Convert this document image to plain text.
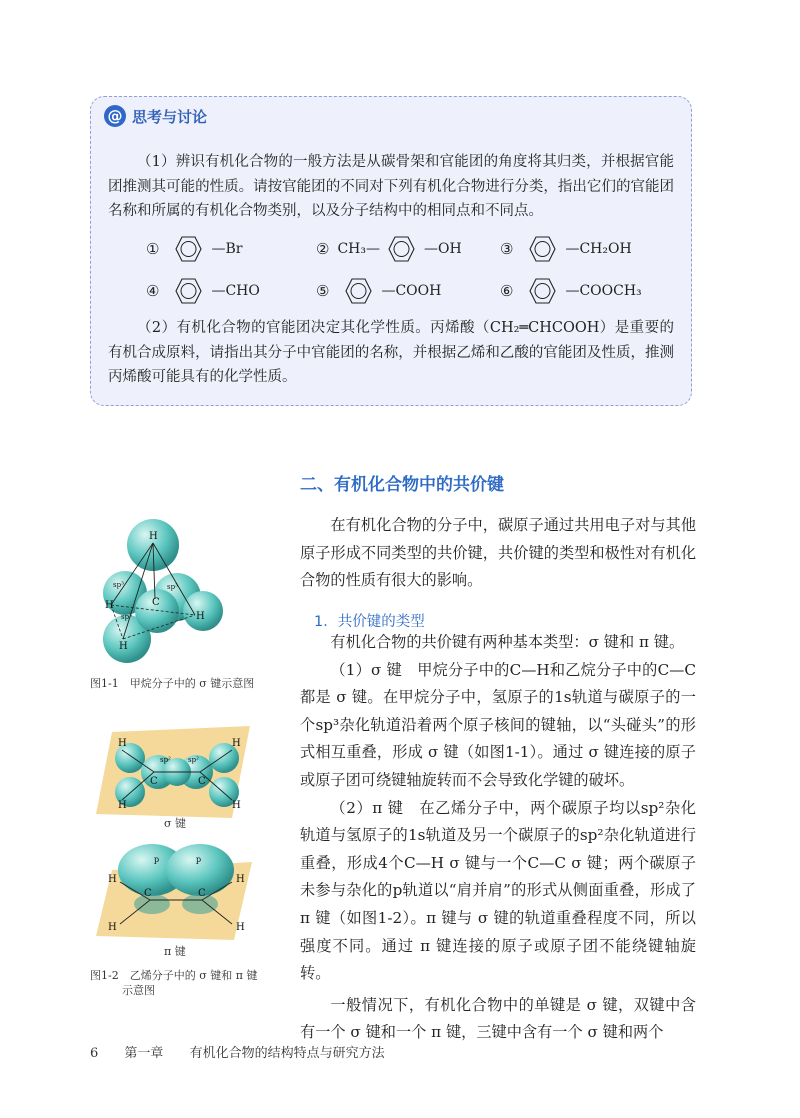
@ 思考与讨论
（1）辨识有机化合物的一般方法是从碳骨架和官能团的角度将其归类，并根据官能团推测其可能的性质。请按官能团的不同对下列有机化合物进行分类，指出它们的官能团名称和所属的有机化合物类别，以及分子结构中的相同点和不同点。
①	—Br	② CH₃—	—OH	③	—CH₂OH
④	—CHO	⑤	—COOH	⑥	—COOCH₃
（2）有机化合物的官能团决定其化学性质。丙烯酸（CH₂═CHCOOH）是重要的有机合成原料，请指出其分子中官能团的名称，并根据乙烯和乙酸的官能团及性质，推测丙烯酸可能具有的化学性质。
二、有机化合物中的共价键
在有机化合物的分子中，碳原子通过共用电子对与其他原子形成不同类型的共价键，共价键的类型和极性对有机化合物的性质有很大的影响。
1．共价键的类型
有机化合物的共价键有两种基本类型：σ 键和 π 键。
（1）σ 键　甲烷分子中的C—H和乙烷分子中的C—C都是 σ 键。在甲烷分子中，氢原子的1s轨道与碳原子的一个sp³杂化轨道沿着两个原子核间的键轴，以“头碰头”的形式相互重叠，形成 σ 键（如图1-1）。通过 σ 键连接的原子或原子团可绕键轴旋转而不会导致化学键的破坏。
（2）π 键　在乙烯分子中，两个碳原子均以sp²杂化轨道与氢原子的1s轨道及另一个碳原子的sp²杂化轨道进行重叠，形成4个C—H σ 键与一个C—C σ 键；两个碳原子未参与杂化的p轨道以“肩并肩”的形式从侧面重叠，形成了 π 键（如图1-2）。π 键与 σ 键的轨道重叠程度不同，所以强度不同。通过 π 键连接的原子或原子团不能绕键轴旋转。
一般情况下，有机化合物中的单键是 σ 键，双键中含有一个 σ 键和一个 π 键，三键中含有一个 σ 键和两个
H
C
H
H
H
sp³	sp³
sp³
图1-1　甲烷分子中的 σ 键示意图
H
H
C	C
H
H
sp² sp²
σ 键
H
H
C	C
H
H
p	p
π 键
图1-2　乙烯分子中的 σ 键和 π 键
示意图
6 第一章 有机化合物的结构特点与研究方法
